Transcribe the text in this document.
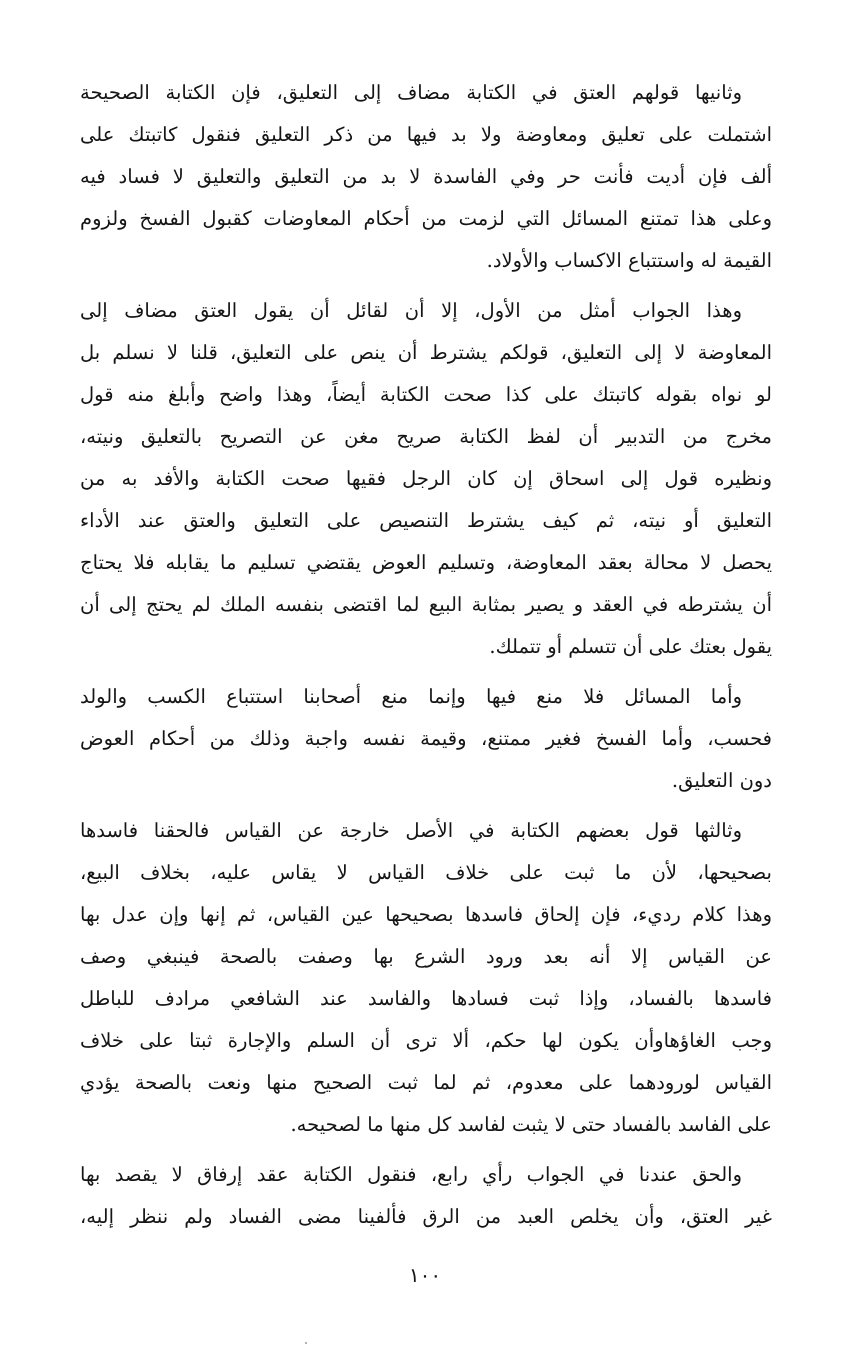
وثانيها قولهم العتق في الكتابة مضاف إلى التعليق، فإن الكتابة الصحيحة
اشتملت على تعليق ومعاوضة ولا بد فيها من ذكر التعليق فنقول كاتبتك على
ألف فإن أديت فأنت حر وفي الفاسدة لا بد من التعليق والتعليق لا فساد فيه
وعلى هذا تمتنع المسائل التي لزمت من أحكام المعاوضات كقبول الفسخ ولزوم
القيمة له واستتباع الاكساب والأولاد.
وهذا الجواب أمثل من الأول، إلا أن لقائل أن يقول العتق مضاف إلى
المعاوضة لا إلى التعليق، قولكم يشترط أن ينص على التعليق، قلنا لا نسلم بل
لو نواه بقوله كاتبتك على كذا صحت الكتابة أيضاً، وهذا واضح وأبلغ منه قول
مخرج من التدبير أن لفظ الكتابة صريح مغن عن التصريح بالتعليق ونيته،
ونظيره قول إلى اسحاق إن كان الرجل فقيها صحت الكتابة والأفد به من
التعليق أو نيته، ثم كيف يشترط التنصيص على التعليق والعتق عند الأداء
يحصل لا محالة بعقد المعاوضة، وتسليم العوض يقتضي تسليم ما يقابله فلا يحتاج
أن يشترطه في العقد و يصير بمثابة البيع لما اقتضى بنفسه الملك لم يحتج إلى أن
يقول بعتك على أن تتسلم أو تتملك.
وأما المسائل فلا منع فيها وإنما منع أصحابنا استتباع الكسب والولد
فحسب، وأما الفسخ فغير ممتنع، وقيمة نفسه واجبة وذلك من أحكام العوض
دون التعليق.
وثالثها قول بعضهم الكتابة في الأصل خارجة عن القياس فالحقنا فاسدها
بصحيحها، لأن ما ثبت على خلاف القياس لا يقاس عليه، بخلاف البيع،
وهذا كلام رديء، فإن إلحاق فاسدها بصحيحها عين القياس، ثم إنها وإن عدل بها
عن القياس إلا أنه بعد ورود الشرع بها وصفت بالصحة فينبغي وصف
فاسدها بالفساد، وإذا ثبت فسادها والفاسد عند الشافعي مرادف للباطل
وجب الغاؤهاوأن يكون لها حكم، ألا ترى أن السلم والإجارة ثبتا على خلاف
القياس لورودهما على معدوم، ثم لما ثبت الصحيح منها ونعت بالصحة يؤدي
على الفاسد بالفساد حتى لا يثبت لفاسد كل منها ما لصحيحه.
والحق عندنا في الجواب رأي رابع، فنقول الكتابة عقد إرفاق لا يقصد بها
غير العتق، وأن يخلص العبد من الرق فألفينا مضى الفساد ولم ننظر إليه،
١٠٠
